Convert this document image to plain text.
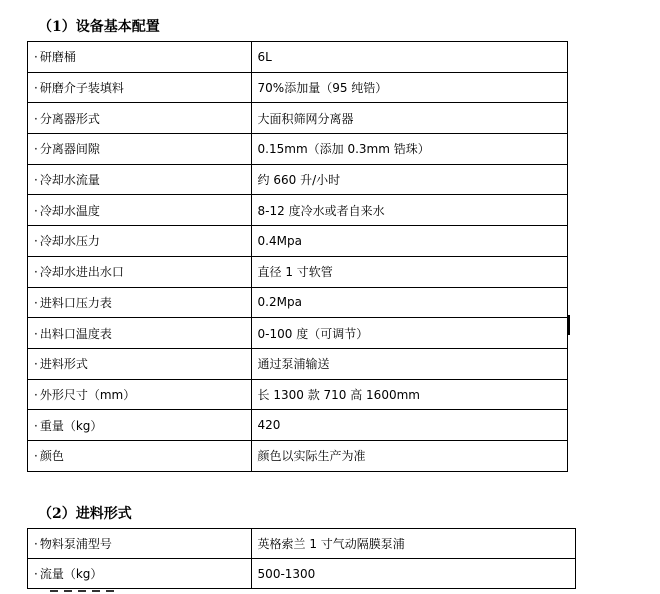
（1）设备基本配置
· 研磨桶	6L
· 研磨介子装填料	70%添加量（95 纯锆）
· 分离器形式	大面积筛网分离器
· 分离器间隙	0.15mm（添加 0.3mm 锆珠）
· 冷却水流量	约 660 升/小时
· 冷却水温度	8-12 度冷水或者自来水
· 冷却水压力	0.4Mpa
· 冷却水进出水口	直径 1 寸软管
· 进料口压力表	0.2Mpa
· 出料口温度表	0-100 度（可调节）
· 进料形式	通过泵浦输送
· 外形尺寸（mm）	长 1300 款 710 高 1600mm
· 重量（kg）	420
· 颜色	颜色以实际生产为准
（2）进料形式
· 物料泵浦型号	英格索兰 1 寸气动隔膜泵浦
· 流量（kg）	500-1300
